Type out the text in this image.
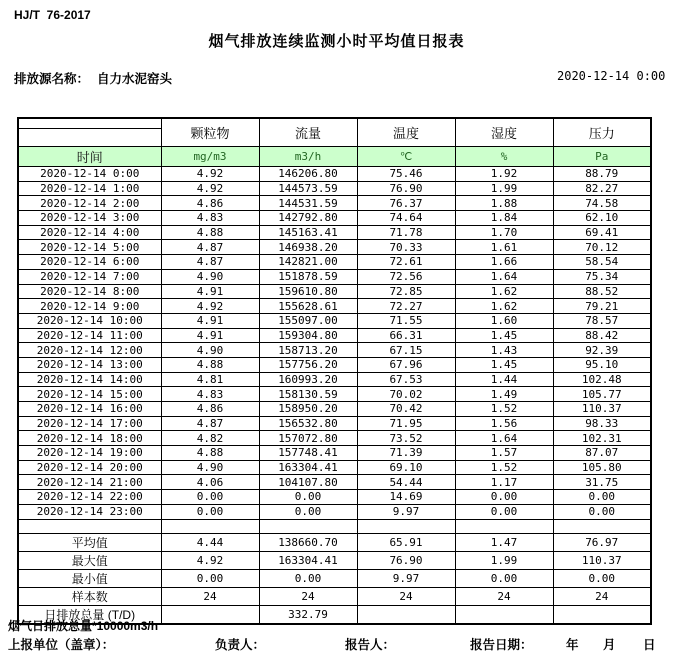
HJ/T  76-2017
烟气排放连续监测小时平均值日报表
排放源名称： 自力水泥窑头	2020-12-14 0:00
	颗粒物	流量	温度	湿度	压力

时间	mg/m3	m3/h	℃	%	Pa
2020-12-14 0:00	4.92	146206.80	75.46	1.92	88.79
2020-12-14 1:00	4.92	144573.59	76.90	1.99	82.27
2020-12-14 2:00	4.86	144531.59	76.37	1.88	74.58
2020-12-14 3:00	4.83	142792.80	74.64	1.84	62.10
2020-12-14 4:00	4.88	145163.41	71.78	1.70	69.41
2020-12-14 5:00	4.87	146938.20	70.33	1.61	70.12
2020-12-14 6:00	4.87	142821.00	72.61	1.66	58.54
2020-12-14 7:00	4.90	151878.59	72.56	1.64	75.34
2020-12-14 8:00	4.91	159610.80	72.85	1.62	88.52
2020-12-14 9:00	4.92	155628.61	72.27	1.62	79.21
2020-12-14 10:00	4.91	155097.00	71.55	1.60	78.57
2020-12-14 11:00	4.91	159304.80	66.31	1.45	88.42
2020-12-14 12:00	4.90	158713.20	67.15	1.43	92.39
2020-12-14 13:00	4.88	157756.20	67.96	1.45	95.10
2020-12-14 14:00	4.81	160993.20	67.53	1.44	102.48
2020-12-14 15:00	4.83	158130.59	70.02	1.49	105.77
2020-12-14 16:00	4.86	158950.20	70.42	1.52	110.37
2020-12-14 17:00	4.87	156532.80	71.95	1.56	98.33
2020-12-14 18:00	4.82	157072.80	73.52	1.64	102.31
2020-12-14 19:00	4.88	157748.41	71.39	1.57	87.07
2020-12-14 20:00	4.90	163304.41	69.10	1.52	105.80
2020-12-14 21:00	4.06	104107.80	54.44	1.17	31.75
2020-12-14 22:00	0.00	0.00	14.69	0.00	0.00
2020-12-14 23:00	0.00	0.00	9.97	0.00	0.00

平均值	4.44	138660.70	65.91	1.47	76.97
最大值	4.92	163304.41	76.90	1.99	110.37
最小值	0.00	0.00	9.97	0.00	0.00
样本数	24	24	24	24	24
日排放总量 (T/D)		332.79			
烟气日排放总量*10000m3/h
上报单位（盖章）：	负责人：	报告人：	报告日期：	年 月 日
